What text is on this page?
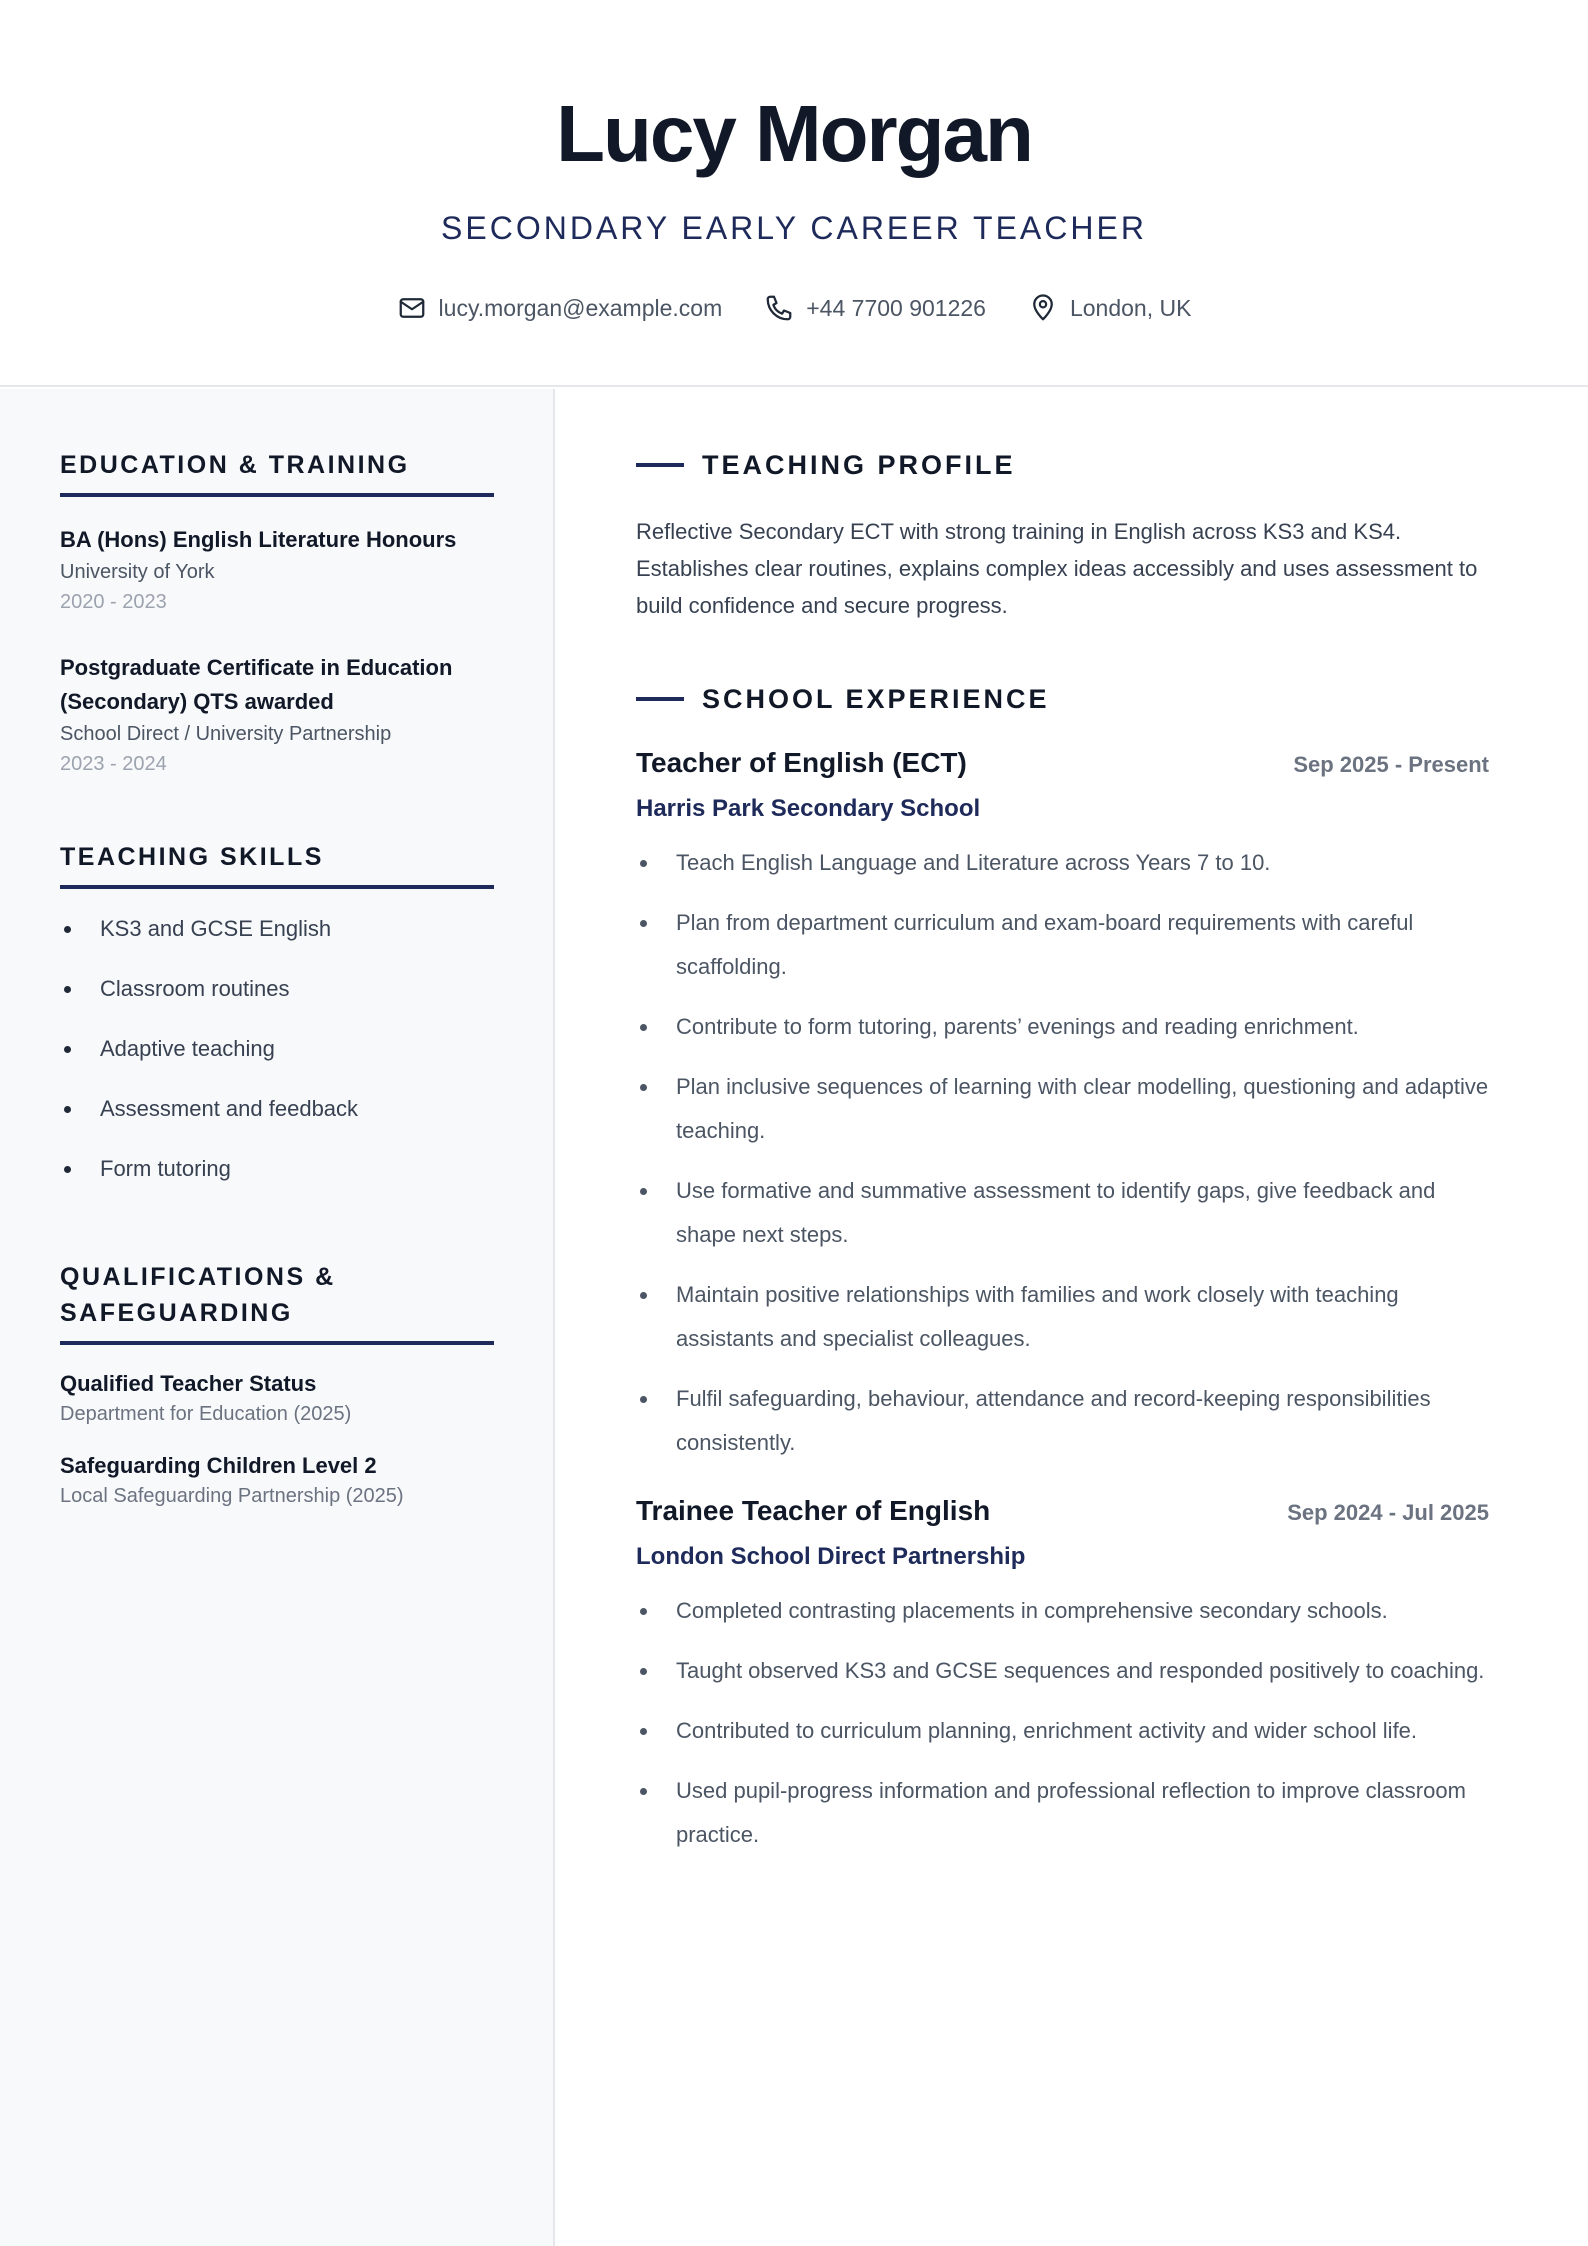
Lucy Morgan
SECONDARY EARLY CAREER TEACHER
lucy.morgan@example.com	+44 7700 901226	London, UK
EDUCATION & TRAINING
BA (Hons) English Literature Honours
University of York
2020 - 2023
Postgraduate Certificate in Education (Secondary) QTS awarded
School Direct / University Partnership
2023 - 2024
TEACHING SKILLS
KS3 and GCSE English
Classroom routines
Adaptive teaching
Assessment and feedback
Form tutoring
QUALIFICATIONS & SAFEGUARDING
Qualified Teacher Status
Department for Education (2025)
Safeguarding Children Level 2
Local Safeguarding Partnership (2025)
TEACHING PROFILE

Reflective Secondary ECT with strong training in English across KS3 and KS4. Establishes clear routines, explains complex ideas accessibly and uses assessment to build confidence and secure progress.

SCHOOL EXPERIENCE
Teacher of English (ECT)	Sep 2025 - Present
Harris Park Secondary School
Teach English Language and Literature across Years 7 to 10.
Plan from department curriculum and exam-board requirements with careful scaffolding.
Contribute to form tutoring, parents’ evenings and reading enrichment.
Plan inclusive sequences of learning with clear modelling, questioning and adaptive teaching.
Use formative and summative assessment to identify gaps, give feedback and shape next steps.
Maintain positive relationships with families and work closely with teaching assistants and specialist colleagues.
Fulfil safeguarding, behaviour, attendance and record-keeping responsibilities consistently.
Trainee Teacher of English	Sep 2024 - Jul 2025
London School Direct Partnership
Completed contrasting placements in comprehensive secondary schools.
Taught observed KS3 and GCSE sequences and responded positively to coaching.
Contributed to curriculum planning, enrichment activity and wider school life.
Used pupil-progress information and professional reflection to improve classroom practice.
